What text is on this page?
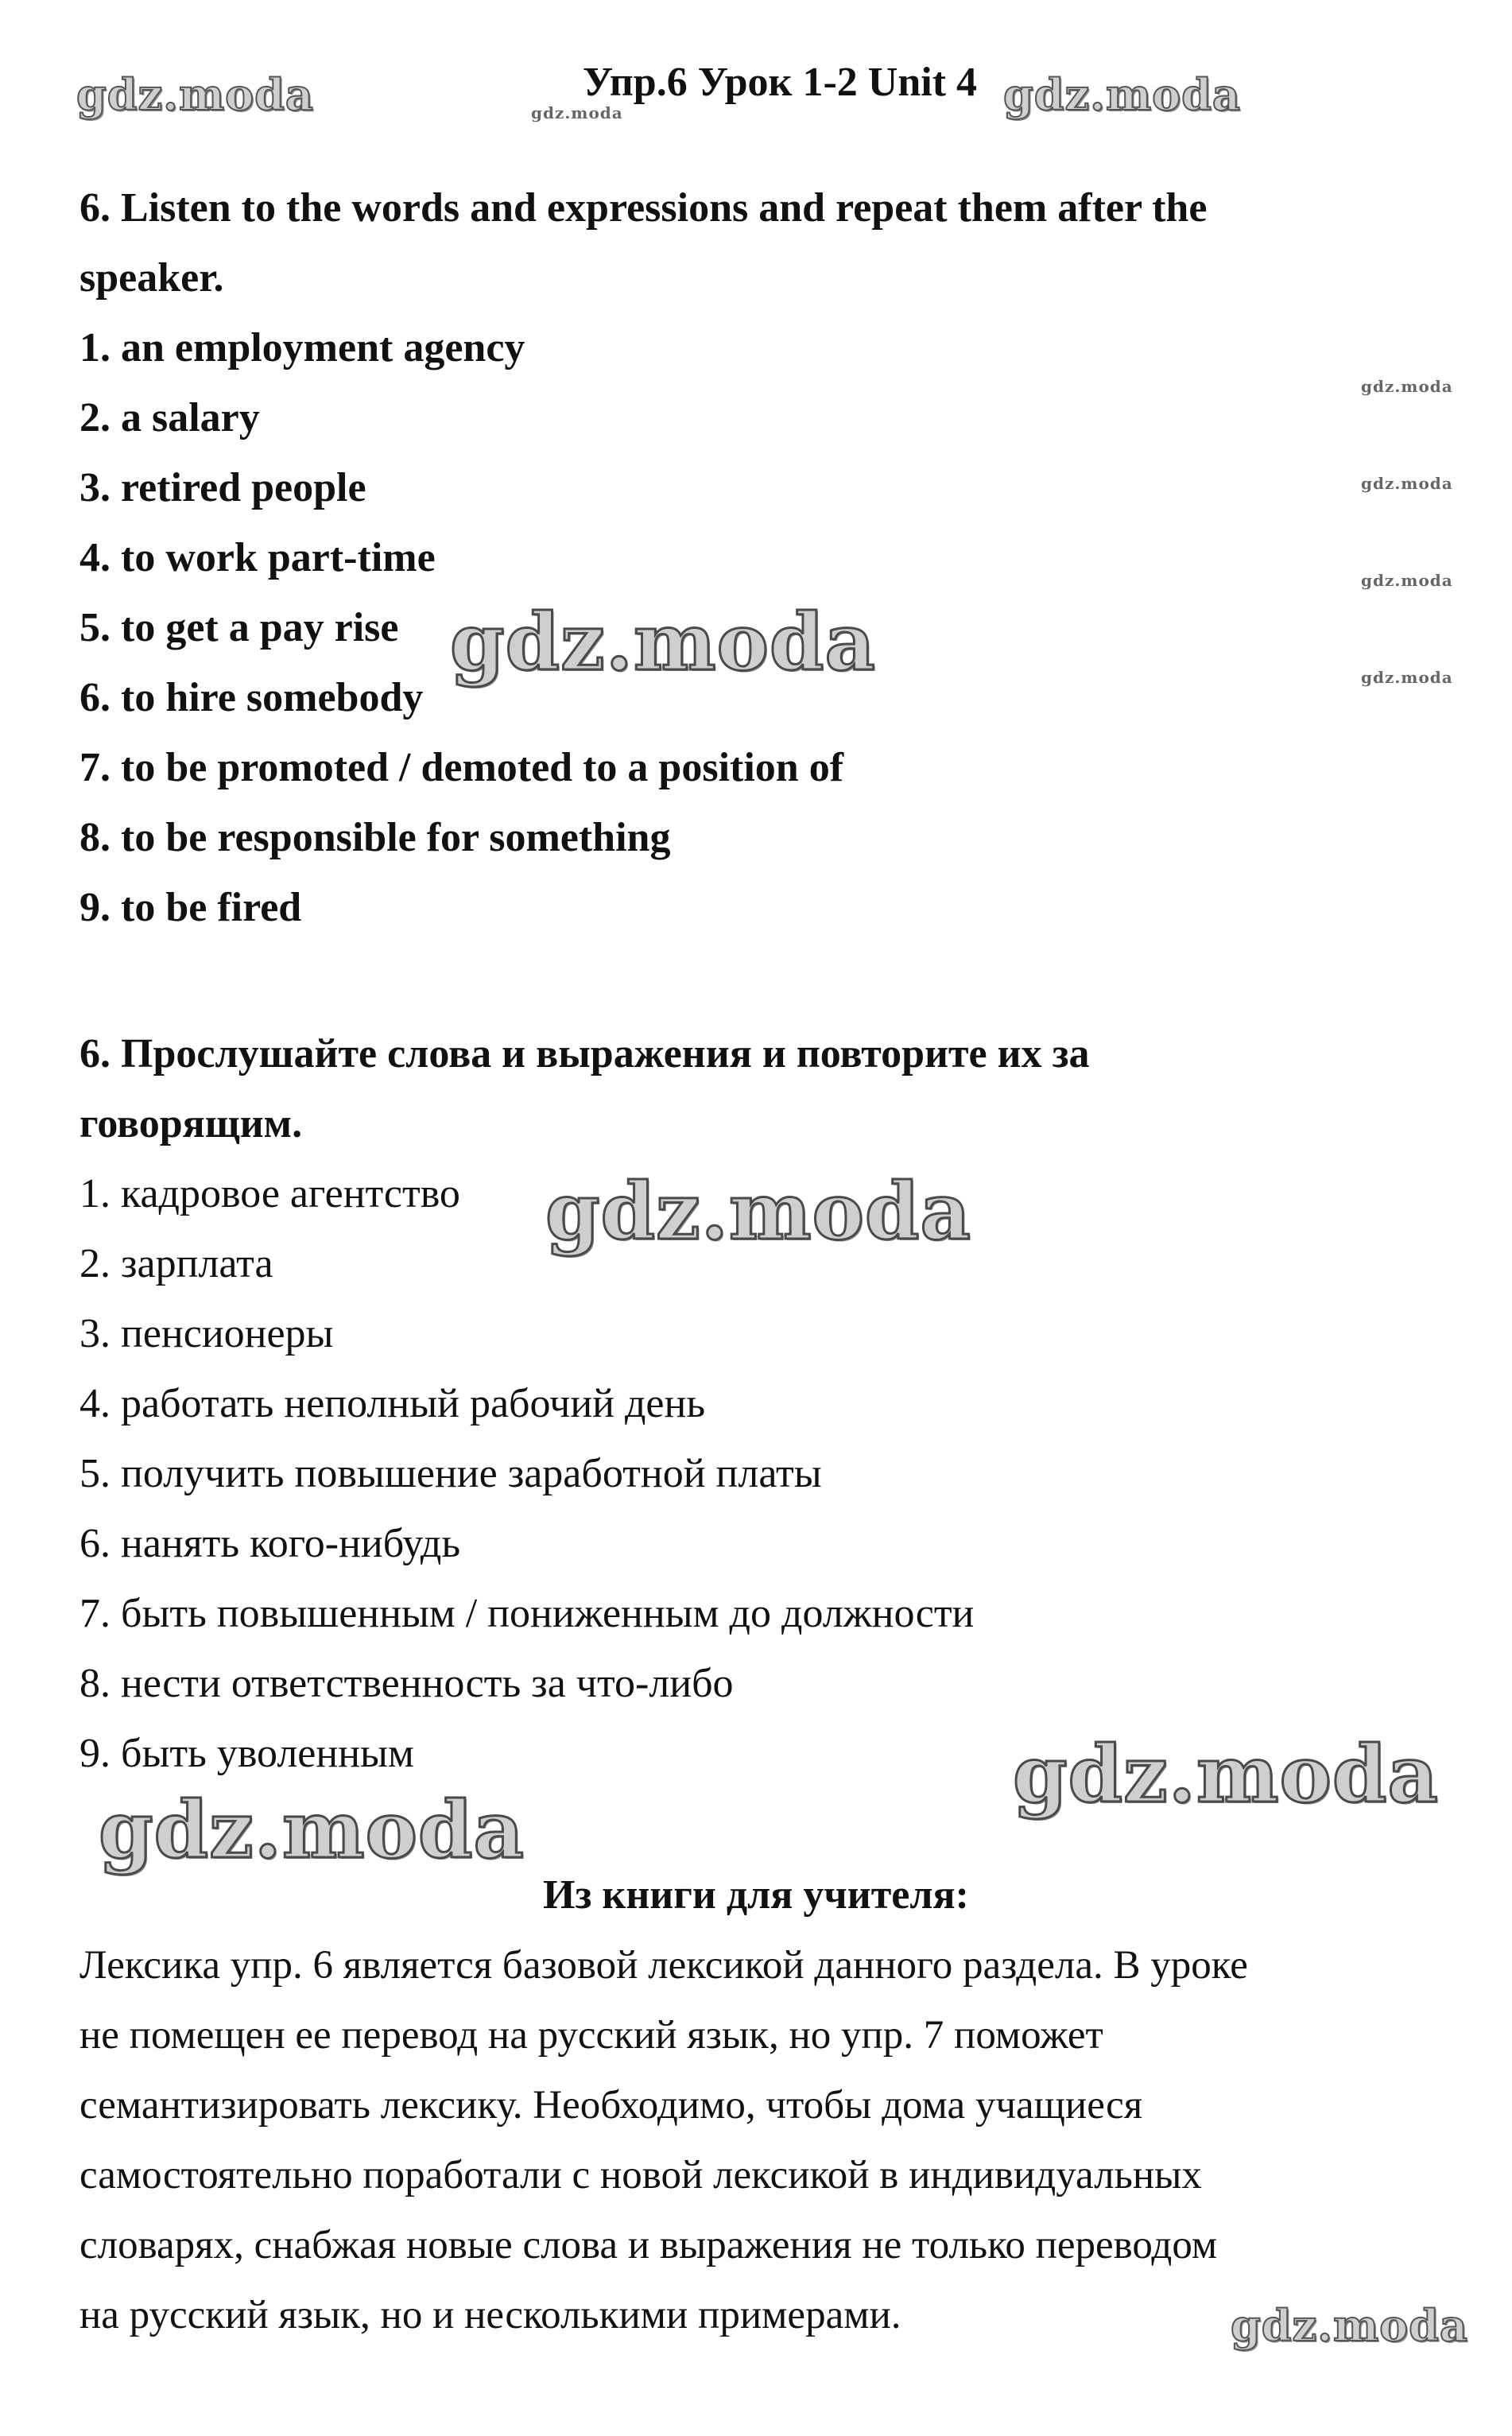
Упр.6 Урок 1-2 Unit 4
6. Listen to the words and expressions and repeat them after the
speaker.
1. an employment agency
2. a salary
3. retired people
4. to work part-time
5. to get a pay rise
6. to hire somebody
7. to be promoted / demoted to a position of
8. to be responsible for something
9. to be fired
6. Прослушайте слова и выражения и повторите их за
говорящим.
1. кадровое агентство
2. зарплата
3. пенсионеры
4. работать неполный рабочий день
5. получить повышение заработной платы
6. нанять кого-нибудь
7. быть повышенным / пониженным до должности
8. нести ответственность за что-либо
9. быть уволенным
Из книги для учителя:
Лексика упр. 6 является базовой лексикой данного раздела. В уроке
не помещен ее перевод на русский язык, но упр. 7 поможет
семантизировать лексику. Необходимо, чтобы дома учащиеся
самостоятельно поработали с новой лексикой в индивидуальных
словарях, снабжая новые слова и выражения не только переводом
на русский язык, но и несколькими примерами.
gdz.moda	gdz.moda	gdz.moda
gdz.moda
gdz.moda
gdz.moda
gdz.moda
gdz.moda
gdz.moda
gdz.moda
gdz.moda
gdz.moda
